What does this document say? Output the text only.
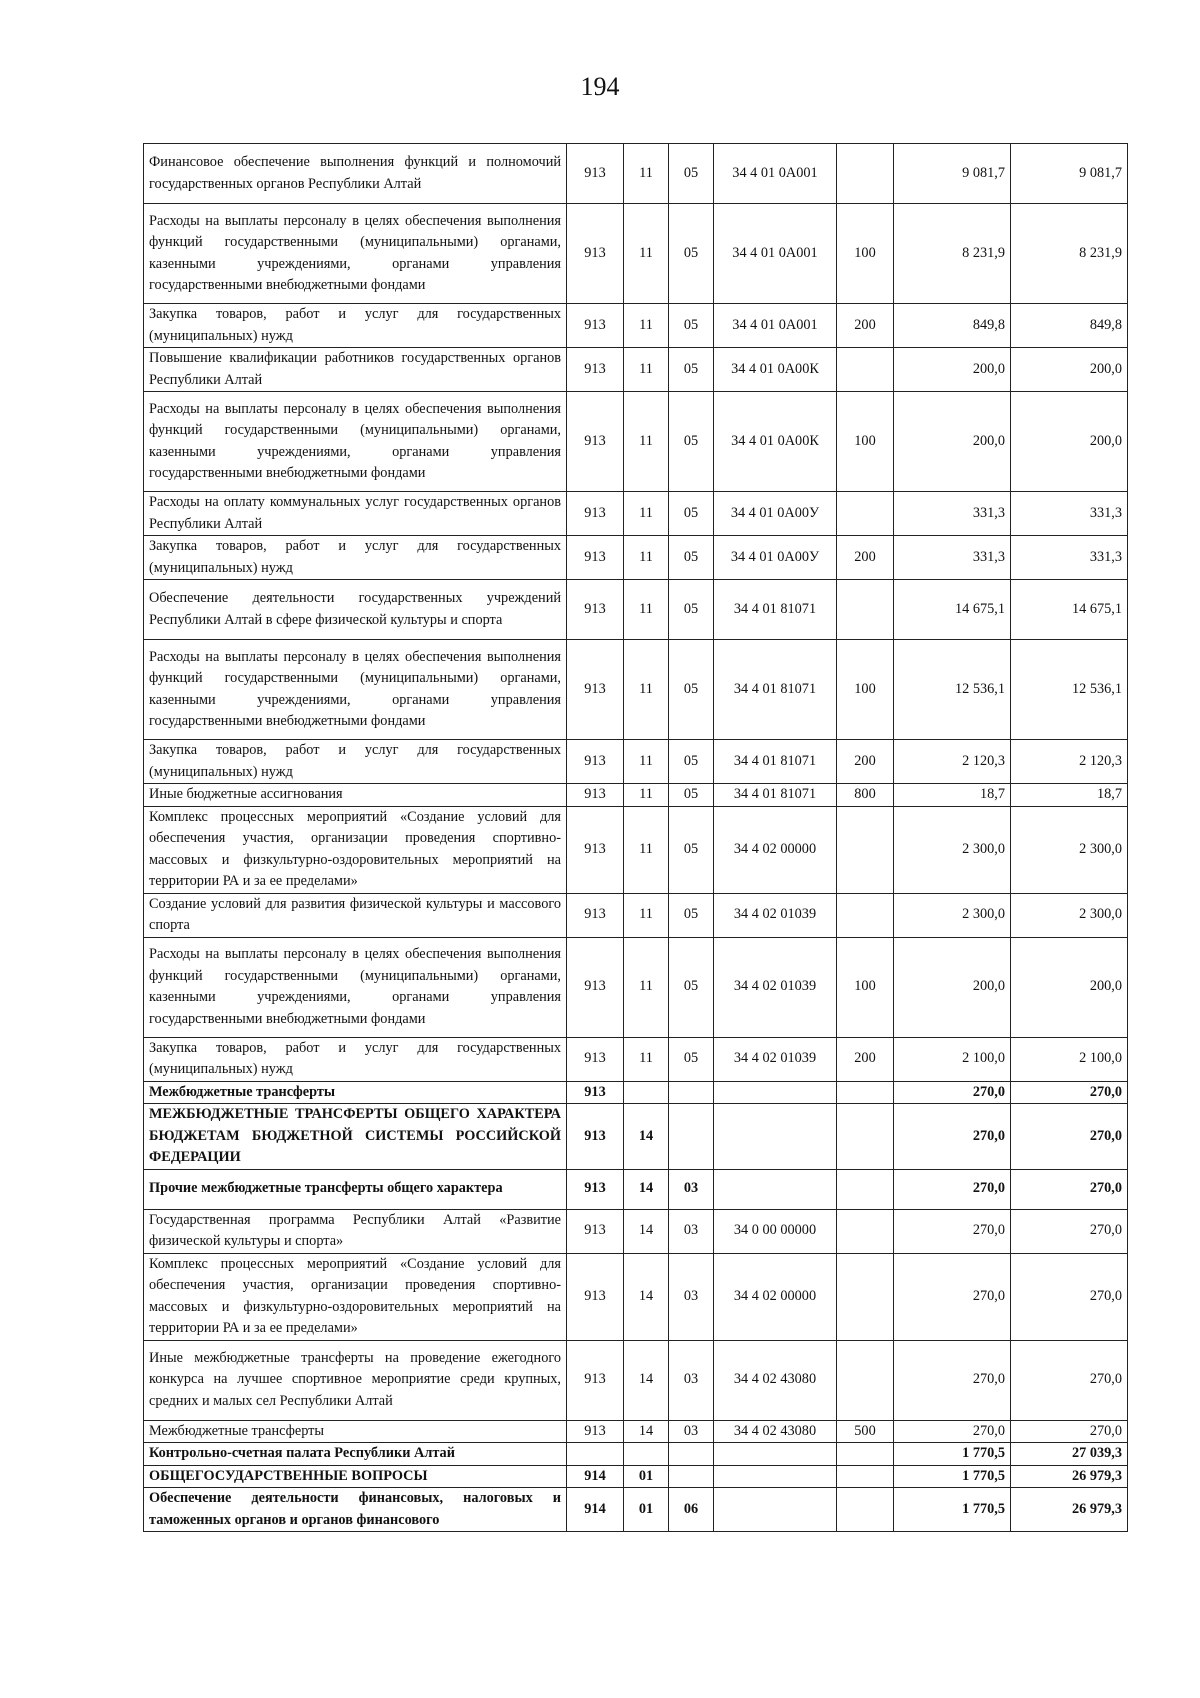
194
Финансовое обеспечение выполнения функций и полномочий государственных органов Республики Алтай	913	11	05	34 4 01 0А001		9 081,7	9 081,7
Расходы на выплаты персоналу в целях обеспечения выполнения функций государственными (муниципальными) органами, казенными учреждениями, органами управления государственными внебюджетными фондами	913	11	05	34 4 01 0А001	100	8 231,9	8 231,9
Закупка товаров, работ и услуг для государственных (муниципальных) нужд	913	11	05	34 4 01 0А001	200	849,8	849,8
Повышение квалификации работников государственных органов Республики Алтай	913	11	05	34 4 01 0А00К		200,0	200,0
Расходы на выплаты персоналу в целях обеспечения выполнения функций государственными (муниципальными) органами, казенными учреждениями, органами управления государственными внебюджетными фондами	913	11	05	34 4 01 0А00К	100	200,0	200,0
Расходы на оплату коммунальных услуг государственных органов Республики Алтай	913	11	05	34 4 01 0А00У		331,3	331,3
Закупка товаров, работ и услуг для государственных (муниципальных) нужд	913	11	05	34 4 01 0А00У	200	331,3	331,3
Обеспечение деятельности государственных учреждений Республики Алтай в сфере физической культуры и спорта	913	11	05	34 4 01 81071		14 675,1	14 675,1
Расходы на выплаты персоналу в целях обеспечения выполнения функций государственными (муниципальными) органами, казенными учреждениями, органами управления государственными внебюджетными фондами	913	11	05	34 4 01 81071	100	12 536,1	12 536,1
Закупка товаров, работ и услуг для государственных (муниципальных) нужд	913	11	05	34 4 01 81071	200	2 120,3	2 120,3
Иные бюджетные ассигнования	913	11	05	34 4 01 81071	800	18,7	18,7
Комплекс процессных мероприятий «Создание условий для обеспечения участия, организации проведения спортивно-массовых и физкультурно-оздоровительных мероприятий на территории РА и за ее пределами»	913	11	05	34 4 02 00000		2 300,0	2 300,0
Создание условий для развития физической культуры и массового спорта	913	11	05	34 4 02 01039		2 300,0	2 300,0
Расходы на выплаты персоналу в целях обеспечения выполнения функций государственными (муниципальными) органами, казенными учреждениями, органами управления государственными внебюджетными фондами	913	11	05	34 4 02 01039	100	200,0	200,0
Закупка товаров, работ и услуг для государственных (муниципальных) нужд	913	11	05	34 4 02 01039	200	2 100,0	2 100,0
Межбюджетные трансферты	913					270,0	270,0
МЕЖБЮДЖЕТНЫЕ ТРАНСФЕРТЫ ОБЩЕГО ХАРАКТЕРА БЮДЖЕТАМ БЮДЖЕТНОЙ СИСТЕМЫ РОССИЙСКОЙ ФЕДЕРАЦИИ	913	14				270,0	270,0
Прочие межбюджетные трансферты общего характера	913	14	03			270,0	270,0
Государственная программа Республики Алтай «Развитие физической культуры и спорта»	913	14	03	34 0 00 00000		270,0	270,0
Комплекс процессных мероприятий «Создание условий для обеспечения участия, организации проведения спортивно-массовых и физкультурно-оздоровительных мероприятий на территории РА и за ее пределами»	913	14	03	34 4 02 00000		270,0	270,0
Иные межбюджетные трансферты на проведение ежегодного конкурса на лучшее спортивное мероприятие среди крупных, средних и малых сел Республики Алтай	913	14	03	34 4 02 43080		270,0	270,0
Межбюджетные трансферты	913	14	03	34 4 02 43080	500	270,0	270,0
Контрольно-счетная палата Республики Алтай						1 770,5	27 039,3
ОБЩЕГОСУДАРСТВЕННЫЕ ВОПРОСЫ	914	01				1 770,5	26 979,3
Обеспечение деятельности финансовых, налоговых и таможенных органов и органов финансового	914	01	06			1 770,5	26 979,3
